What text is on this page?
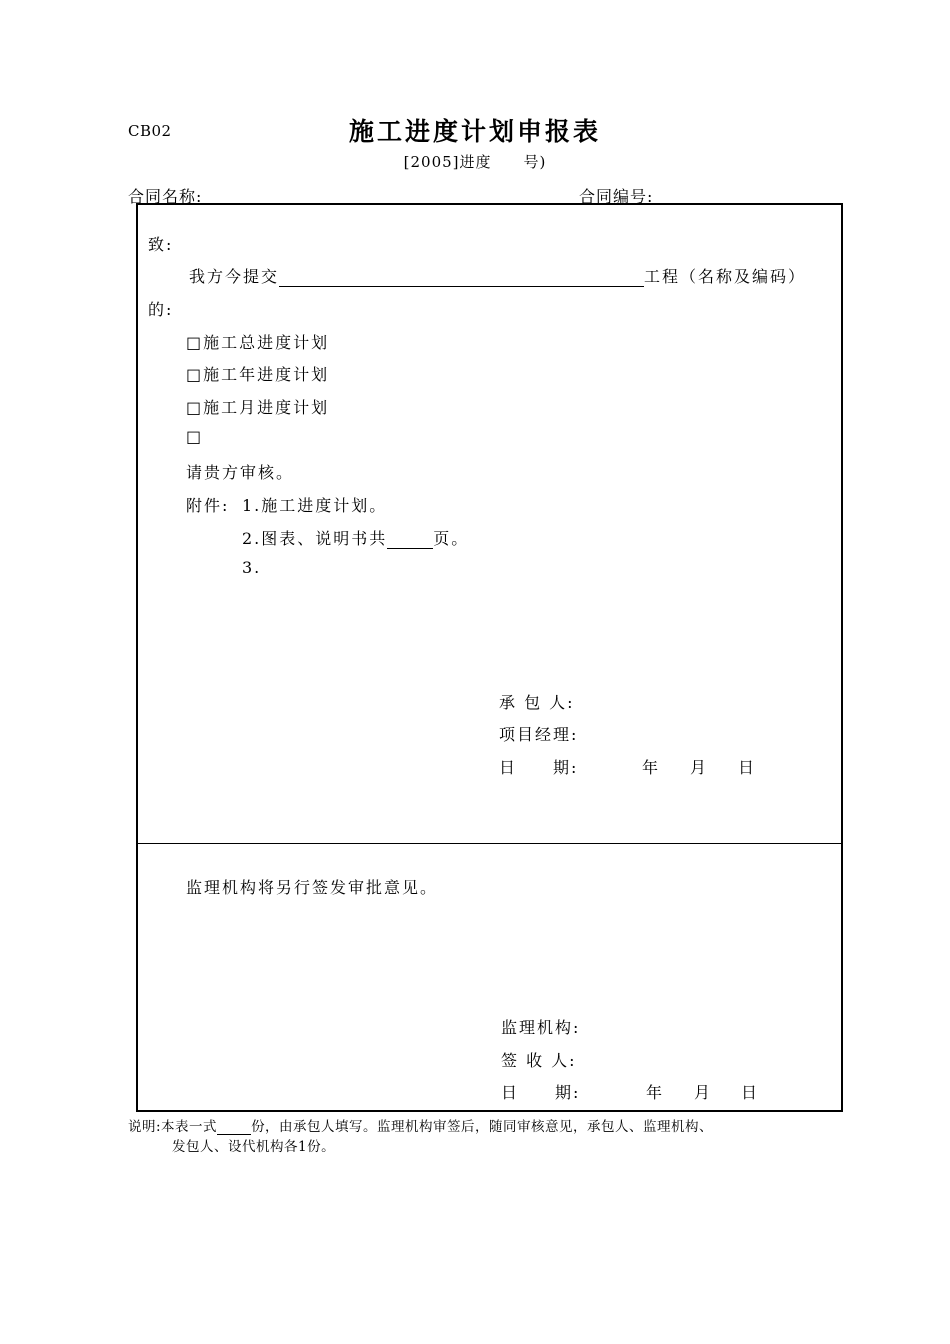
CB02	施工进度计划申报表
[2005]进度　　号)
合同名称:	合同编号:
致:
我方今提交	工程（名称及编码）
的:
□施工总进度计划
□施工年进度计划
□施工月进度计划
□
请贵方审核。
附件: 1.施工进度计划。
2.图表、说明书共	页。
3.
承 包 人:
项目经理:
日　　期:	年 月 日
监理机构将另行签发审批意见。
监理机构:
签 收 人:
日　　期:	年 月 日
说明:本表一式	份，由承包人填写。监理机构审签后，随同审核意见，承包人、监理机构、
发包人、设代机构各1份。
